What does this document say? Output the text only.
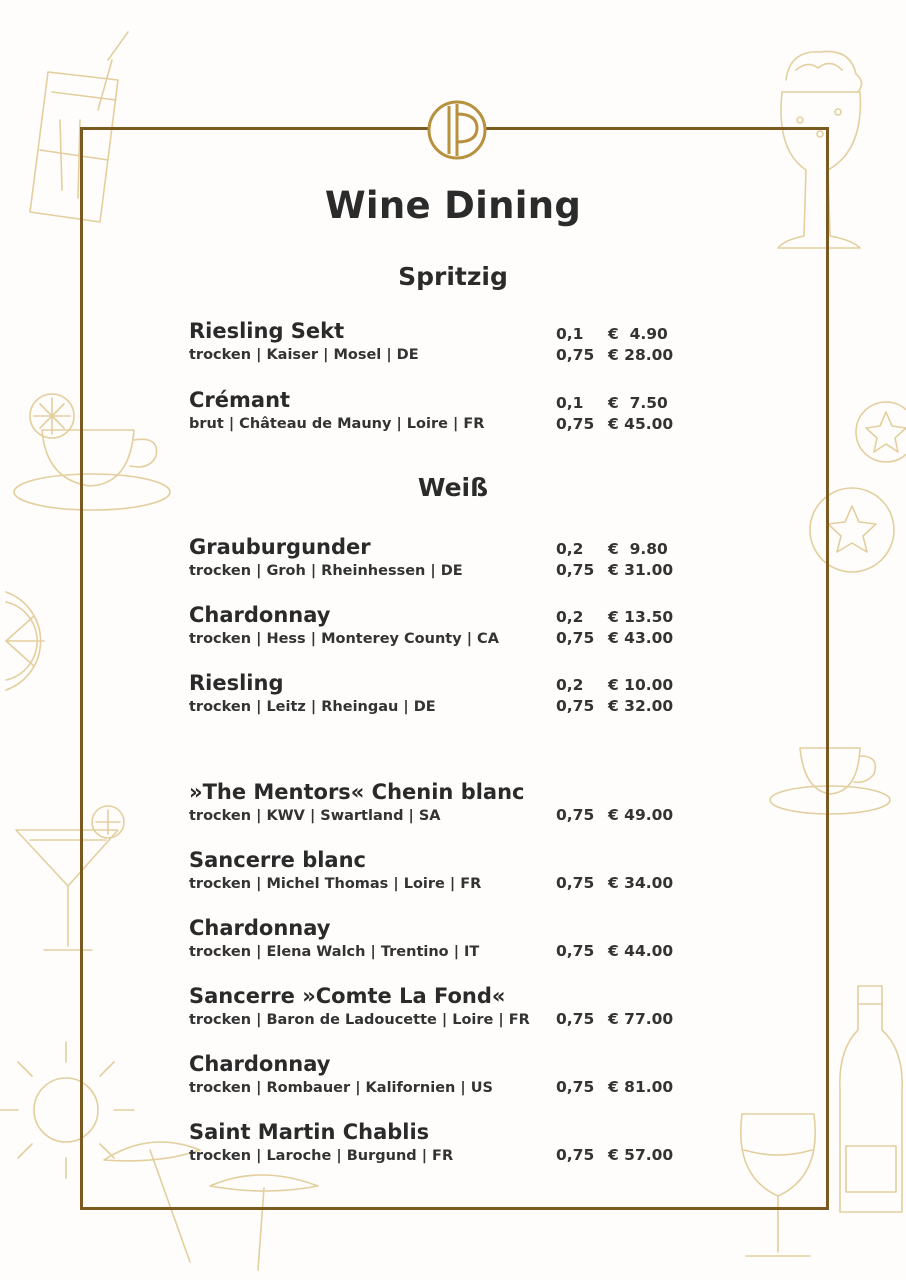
Wine Dining
Spritzig
Riesling Sekt
trocken | Kaiser | Mosel | DE
0,1 €  4.90
0,75 € 28.00
Crémant
brut | Château de Mauny | Loire | FR
0,1 €  7.50
0,75 € 45.00
Weiß
Grauburgunder
trocken | Groh | Rheinhessen | DE
0,2 €  9.80
0,75 € 31.00
Chardonnay
trocken | Hess | Monterey County | CA
0,2 € 13.50
0,75 € 43.00
Riesling
trocken | Leitz | Rheingau | DE
0,2 € 10.00
0,75 € 32.00
»The Mentors« Chenin blanc
trocken | KWV | Swartland | SA	0,75 € 49.00
Sancerre blanc
trocken | Michel Thomas | Loire | FR	0,75 € 34.00
Chardonnay
trocken | Elena Walch | Trentino | IT	0,75 € 44.00
Sancerre »Comte La Fond«
trocken | Baron de Ladoucette | Loire | FR 0,75 € 77.00
Chardonnay
trocken | Rombauer | Kalifornien | US	0,75 € 81.00
Saint Martin Chablis
trocken | Laroche | Burgund | FR	0,75 € 57.00
